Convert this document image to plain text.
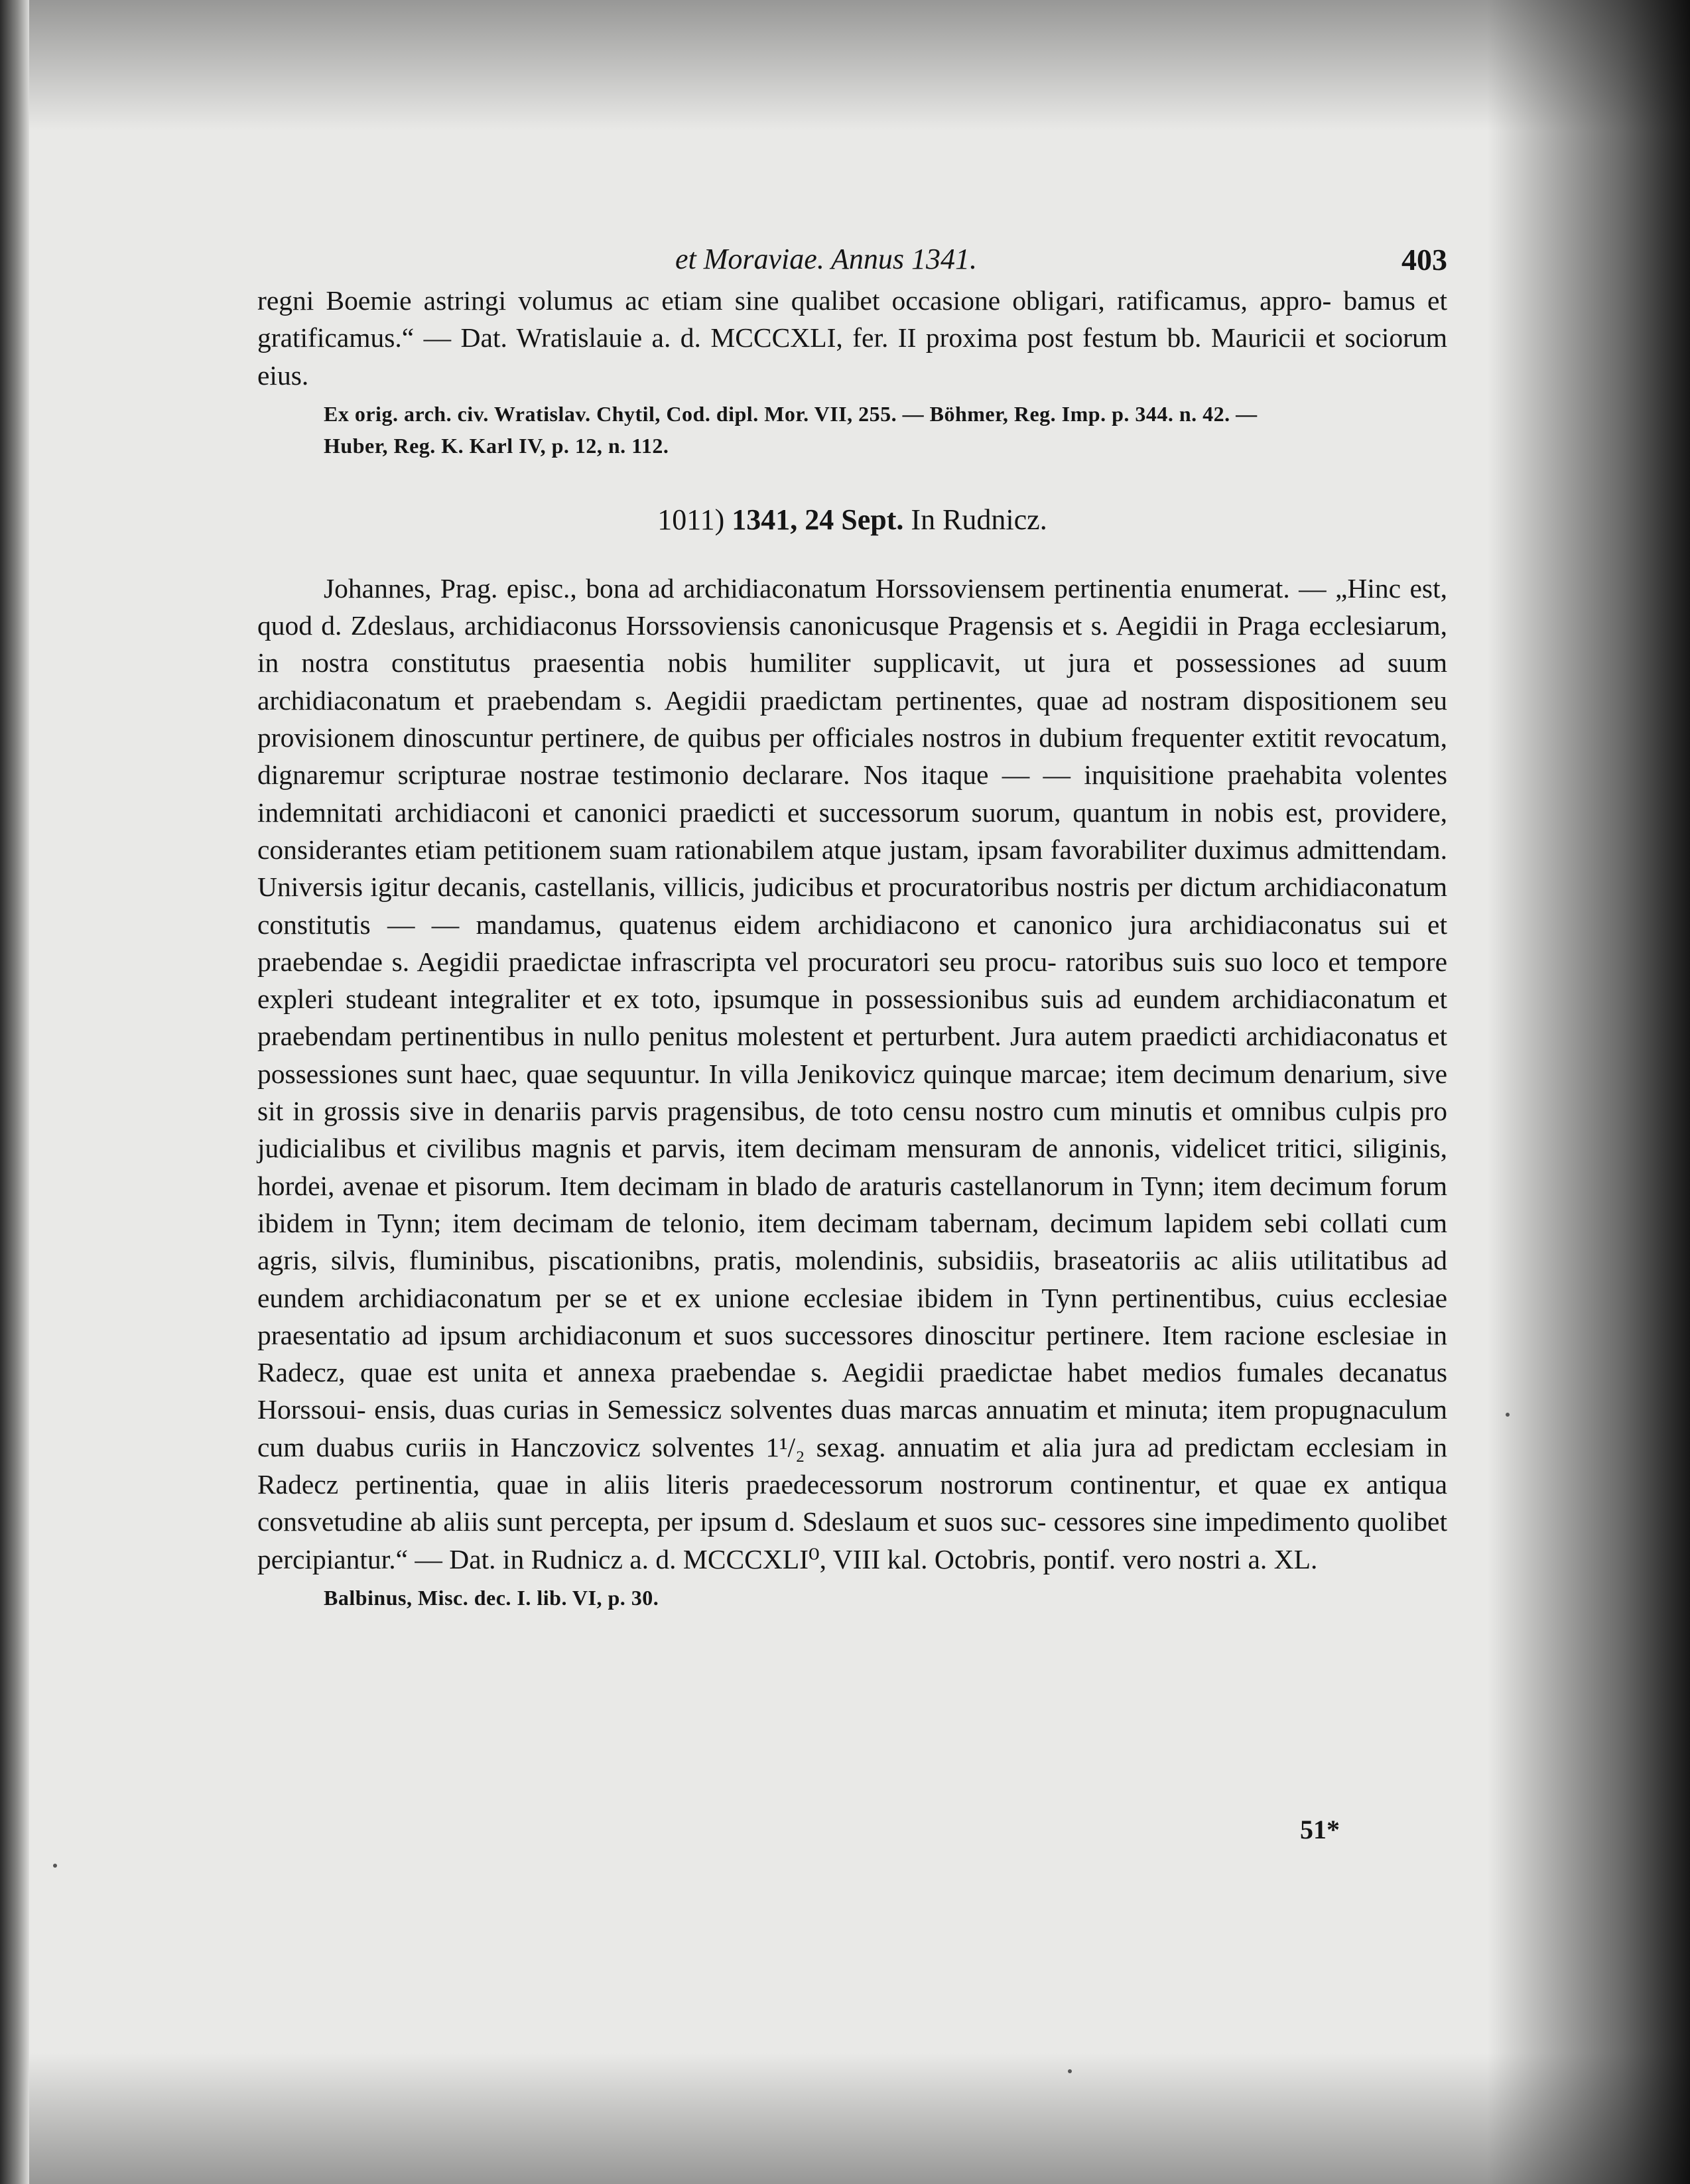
et Moraviae. Annus 1341.	403

regni Boemie astringi volumus ac etiam sine qualibet occasione obligari, ratificamus, appro- bamus et gratificamus.“ — Dat. Wratislauie a. d. MCCCXLI, fer. II proxima post festum bb. Mauricii et sociorum eius.

Ex orig. arch. civ. Wratislav. Chytil, Cod. dipl. Mor. VII, 255. — Böhmer, Reg. Imp. p. 344. n. 42. —
Huber, Reg. K. Karl IV, p. 12, n. 112.
1011) 1341, 24 Sept. In Rudnicz.

Johannes, Prag. episc., bona ad archidiaconatum Horssoviensem pertinentia enumerat. — „Hinc est, quod d. Zdeslaus, archidiaconus Horssoviensis canonicusque Pragensis et s. Aegidii in Praga ecclesiarum, in nostra constitutus praesentia nobis humiliter supplicavit, ut jura et possessiones ad suum archidiaconatum et praebendam s. Aegidii praedictam pertinentes, quae ad nostram dispositionem seu provisionem dinoscuntur pertinere, de quibus per officiales nostros in dubium frequenter extitit revocatum, dignaremur scripturae nostrae testimonio declarare. Nos itaque — — inquisitione praehabita volentes indemnitati archidiaconi et canonici praedicti et successorum suorum, quantum in nobis est, providere, considerantes etiam petitionem suam rationabilem atque justam, ipsam favorabiliter duximus admittendam. Universis igitur decanis, castellanis, villicis, judicibus et procuratoribus nostris per dictum archidiaconatum constitutis — — mandamus, quatenus eidem archidiacono et canonico jura archidiaconatus sui et praebendae s. Aegidii praedictae infrascripta vel procuratori seu procu- ratoribus suis suo loco et tempore expleri studeant integraliter et ex toto, ipsumque in possessionibus suis ad eundem archidiaconatum et praebendam pertinentibus in nullo penitus molestent et perturbent. Jura autem praedicti archidiaconatus et possessiones sunt haec, quae sequuntur. In villa Jenikovicz quinque marcae; item decimum denarium, sive sit in grossis sive in denariis parvis pragensibus, de toto censu nostro cum minutis et omnibus culpis pro judicialibus et civilibus magnis et parvis, item decimam mensuram de annonis, videlicet tritici, siliginis, hordei, avenae et pisorum. Item decimam in blado de araturis castellanorum in Tynn; item decimum forum ibidem in Tynn; item decimam de telonio, item decimam tabernam, decimum lapidem sebi collati cum agris, silvis, fluminibus, piscationibns, pratis, molendinis, subsidiis, braseatoriis ac aliis utilitatibus ad eundem archidiaconatum per se et ex unione ecclesiae ibidem in Tynn pertinentibus, cuius ecclesiae praesentatio ad ipsum archidiaconum et suos successores dinoscitur pertinere. Item racione esclesiae in Radecz, quae est unita et annexa praebendae s. Aegidii praedictae habet medios fumales decanatus Horssoui- ensis, duas curias in Semessicz solventes duas marcas annuatim et minuta; item propugnaculum cum duabus curiis in Hanczovicz solventes 1¹/₂ sexag. annuatim et alia jura ad predictam ecclesiam in Radecz pertinentia, quae in aliis literis praedecessorum nostrorum continentur, et quae ex antiqua consvetudine ab aliis sunt percepta, per ipsum d. Sdeslaum et suos suc- cessores sine impedimento quolibet percipiantur.“ — Dat. in Rudnicz a. d. MCCCXLI⁰, VIII kal. Octobris, pontif. vero nostri a. XL.

Balbinus, Misc. dec. I. lib. VI, p. 30.
51*
